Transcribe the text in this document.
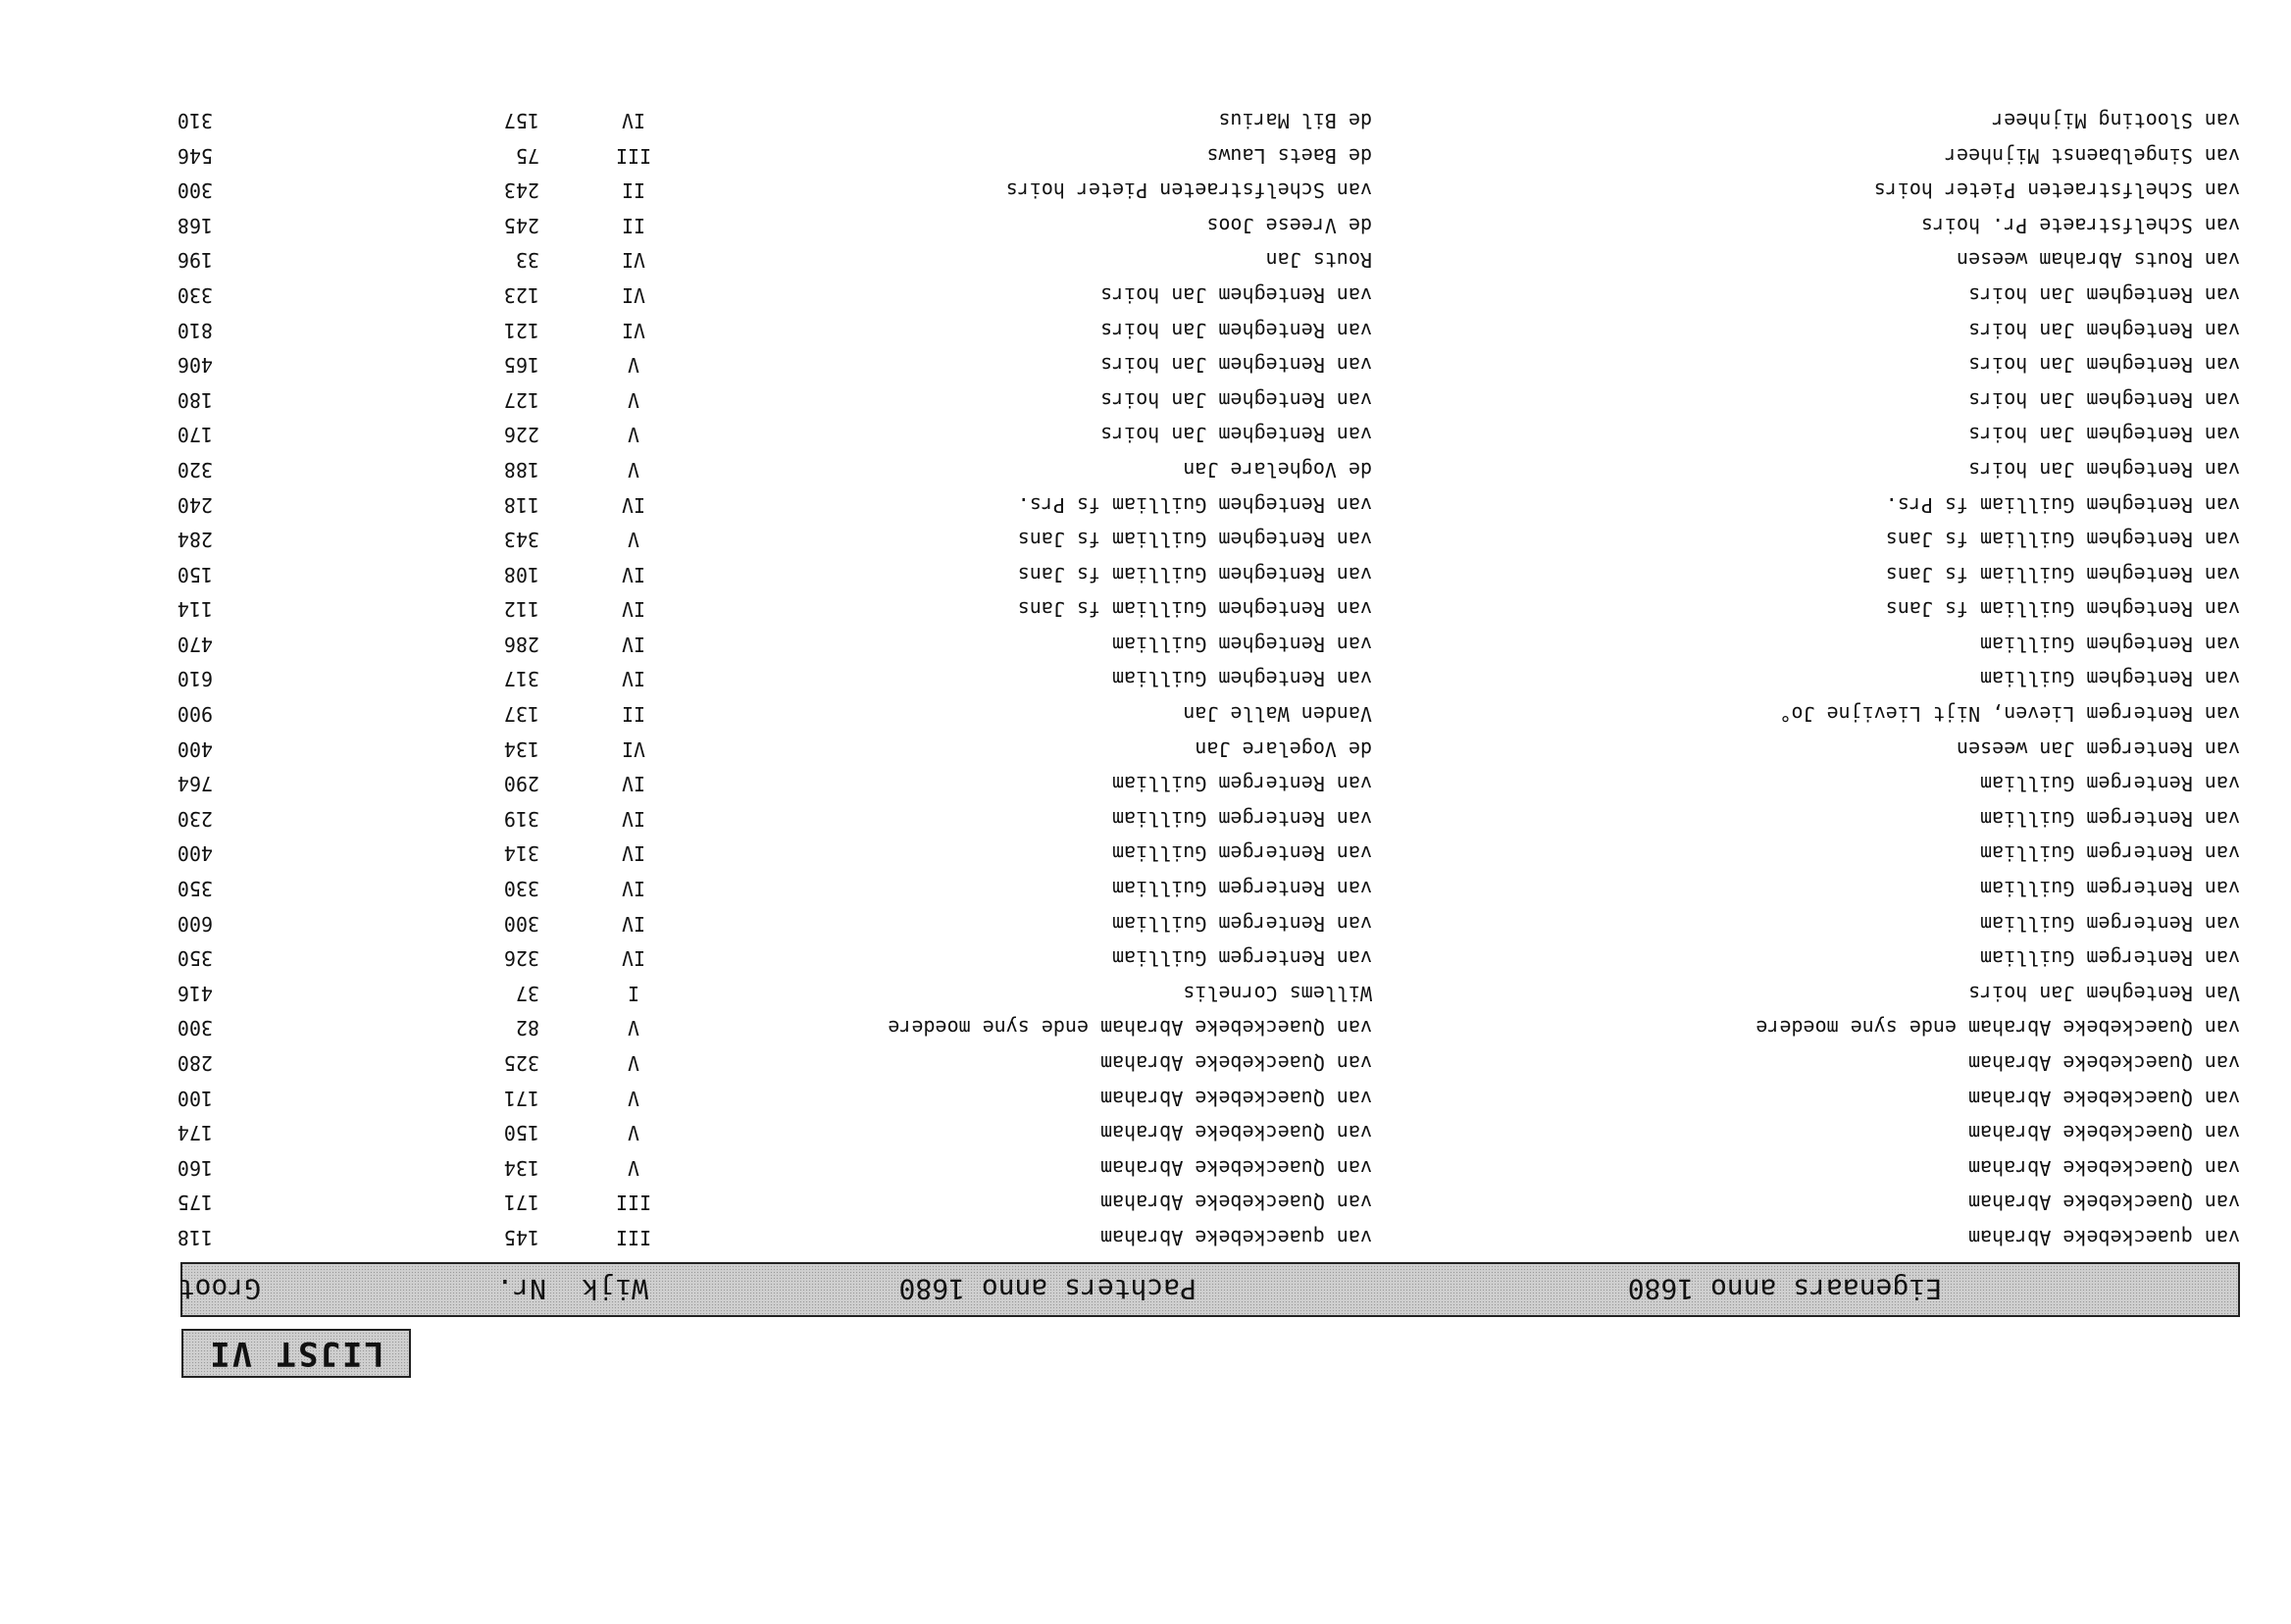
LIJST VI
Eigenaars anno 1680
Pachters anno 1680
Wijk
Nr.
Groot
van quaeckebeke Abraham
van quaeckebeke Abraham
III
145
118
van Quaeckebeke Abraham
van Quaeckebeke Abraham
III
171
175
van Quaeckebeke Abraham
van Quaeckebeke Abraham
V
134
160
van Quaeckebeke Abraham
van Quaeckebeke Abraham
V
150
174
van Quaeckebeke Abraham
van Quaeckebeke Abraham
V
171
100
van Quaeckebeke Abraham
van Quaeckebeke Abraham
V
325
280
van Quaeckebeke Abraham ende syne moedere
van Quaeckebeke Abraham ende syne moedere
V
82
300
Van Renteghem Jan hoirs
Willems Cornelis
I
37
416
van Rentergem Guilliam
van Rentergem Guilliam
IV
326
350
van Rentergem Guilliam
van Rentergem Guilliam
IV
300
600
van Rentergem Guilliam
van Rentergem Guilliam
IV
330
350
van Rentergem Guilliam
van Rentergem Guilliam
IV
314
400
van Rentergem Guilliam
van Rentergem Guilliam
IV
319
230
van Rentergem Guilliam
van Rentergem Guilliam
IV
290
764
van Rentergem Jan weesen
de Vogelare Jan
VI
134
400
van Rentergem Lieven, Nijt Lievijne Jo°
Vanden Walle Jan
II
137
900
van Renteghem Guilliam
van Renteghem Guilliam
IV
317
610
van Renteghem Guilliam
van Renteghem Guilliam
IV
286
470
van Renteghem Guilliam fs Jans
van Renteghem Guilliam fs Jans
IV
112
114
van Renteghem Guilliam fs Jans
van Renteghem Guilliam fs Jans
IV
108
150
van Renteghem Guilliam fs Jans
van Renteghem Guilliam fs Jans
V
343
284
van Renteghem Guilliam fs Prs.
van Renteghem Guilliam fs Prs.
IV
118
240
van Renteghem Jan hoirs
de Voghelare Jan
V
188
320
van Renteghem Jan hoirs
van Renteghem Jan hoirs
V
226
170
van Renteghem Jan hoirs
van Renteghem Jan hoirs
V
127
180
van Renteghem Jan hoirs
van Renteghem Jan hoirs
V
165
406
van Renteghem Jan hoirs
van Renteghem Jan hoirs
VI
121
810
van Renteghem Jan hoirs
van Renteghem Jan hoirs
VI
123
330
van Routs Abraham weesen
Routs Jan
VI
33
196
van Schelfstraete Pr. hoirs
de Vreese Joos
II
245
168
van Schelfstraeten Pieter hoirs
van Schelfstraeten Pieter hoirs
II
243
300
van Singelbaenst Mijnheer
de Baets Lauws
III
75
546
van Slooting Mijnheer
de Bil Marius
IV
157
310
